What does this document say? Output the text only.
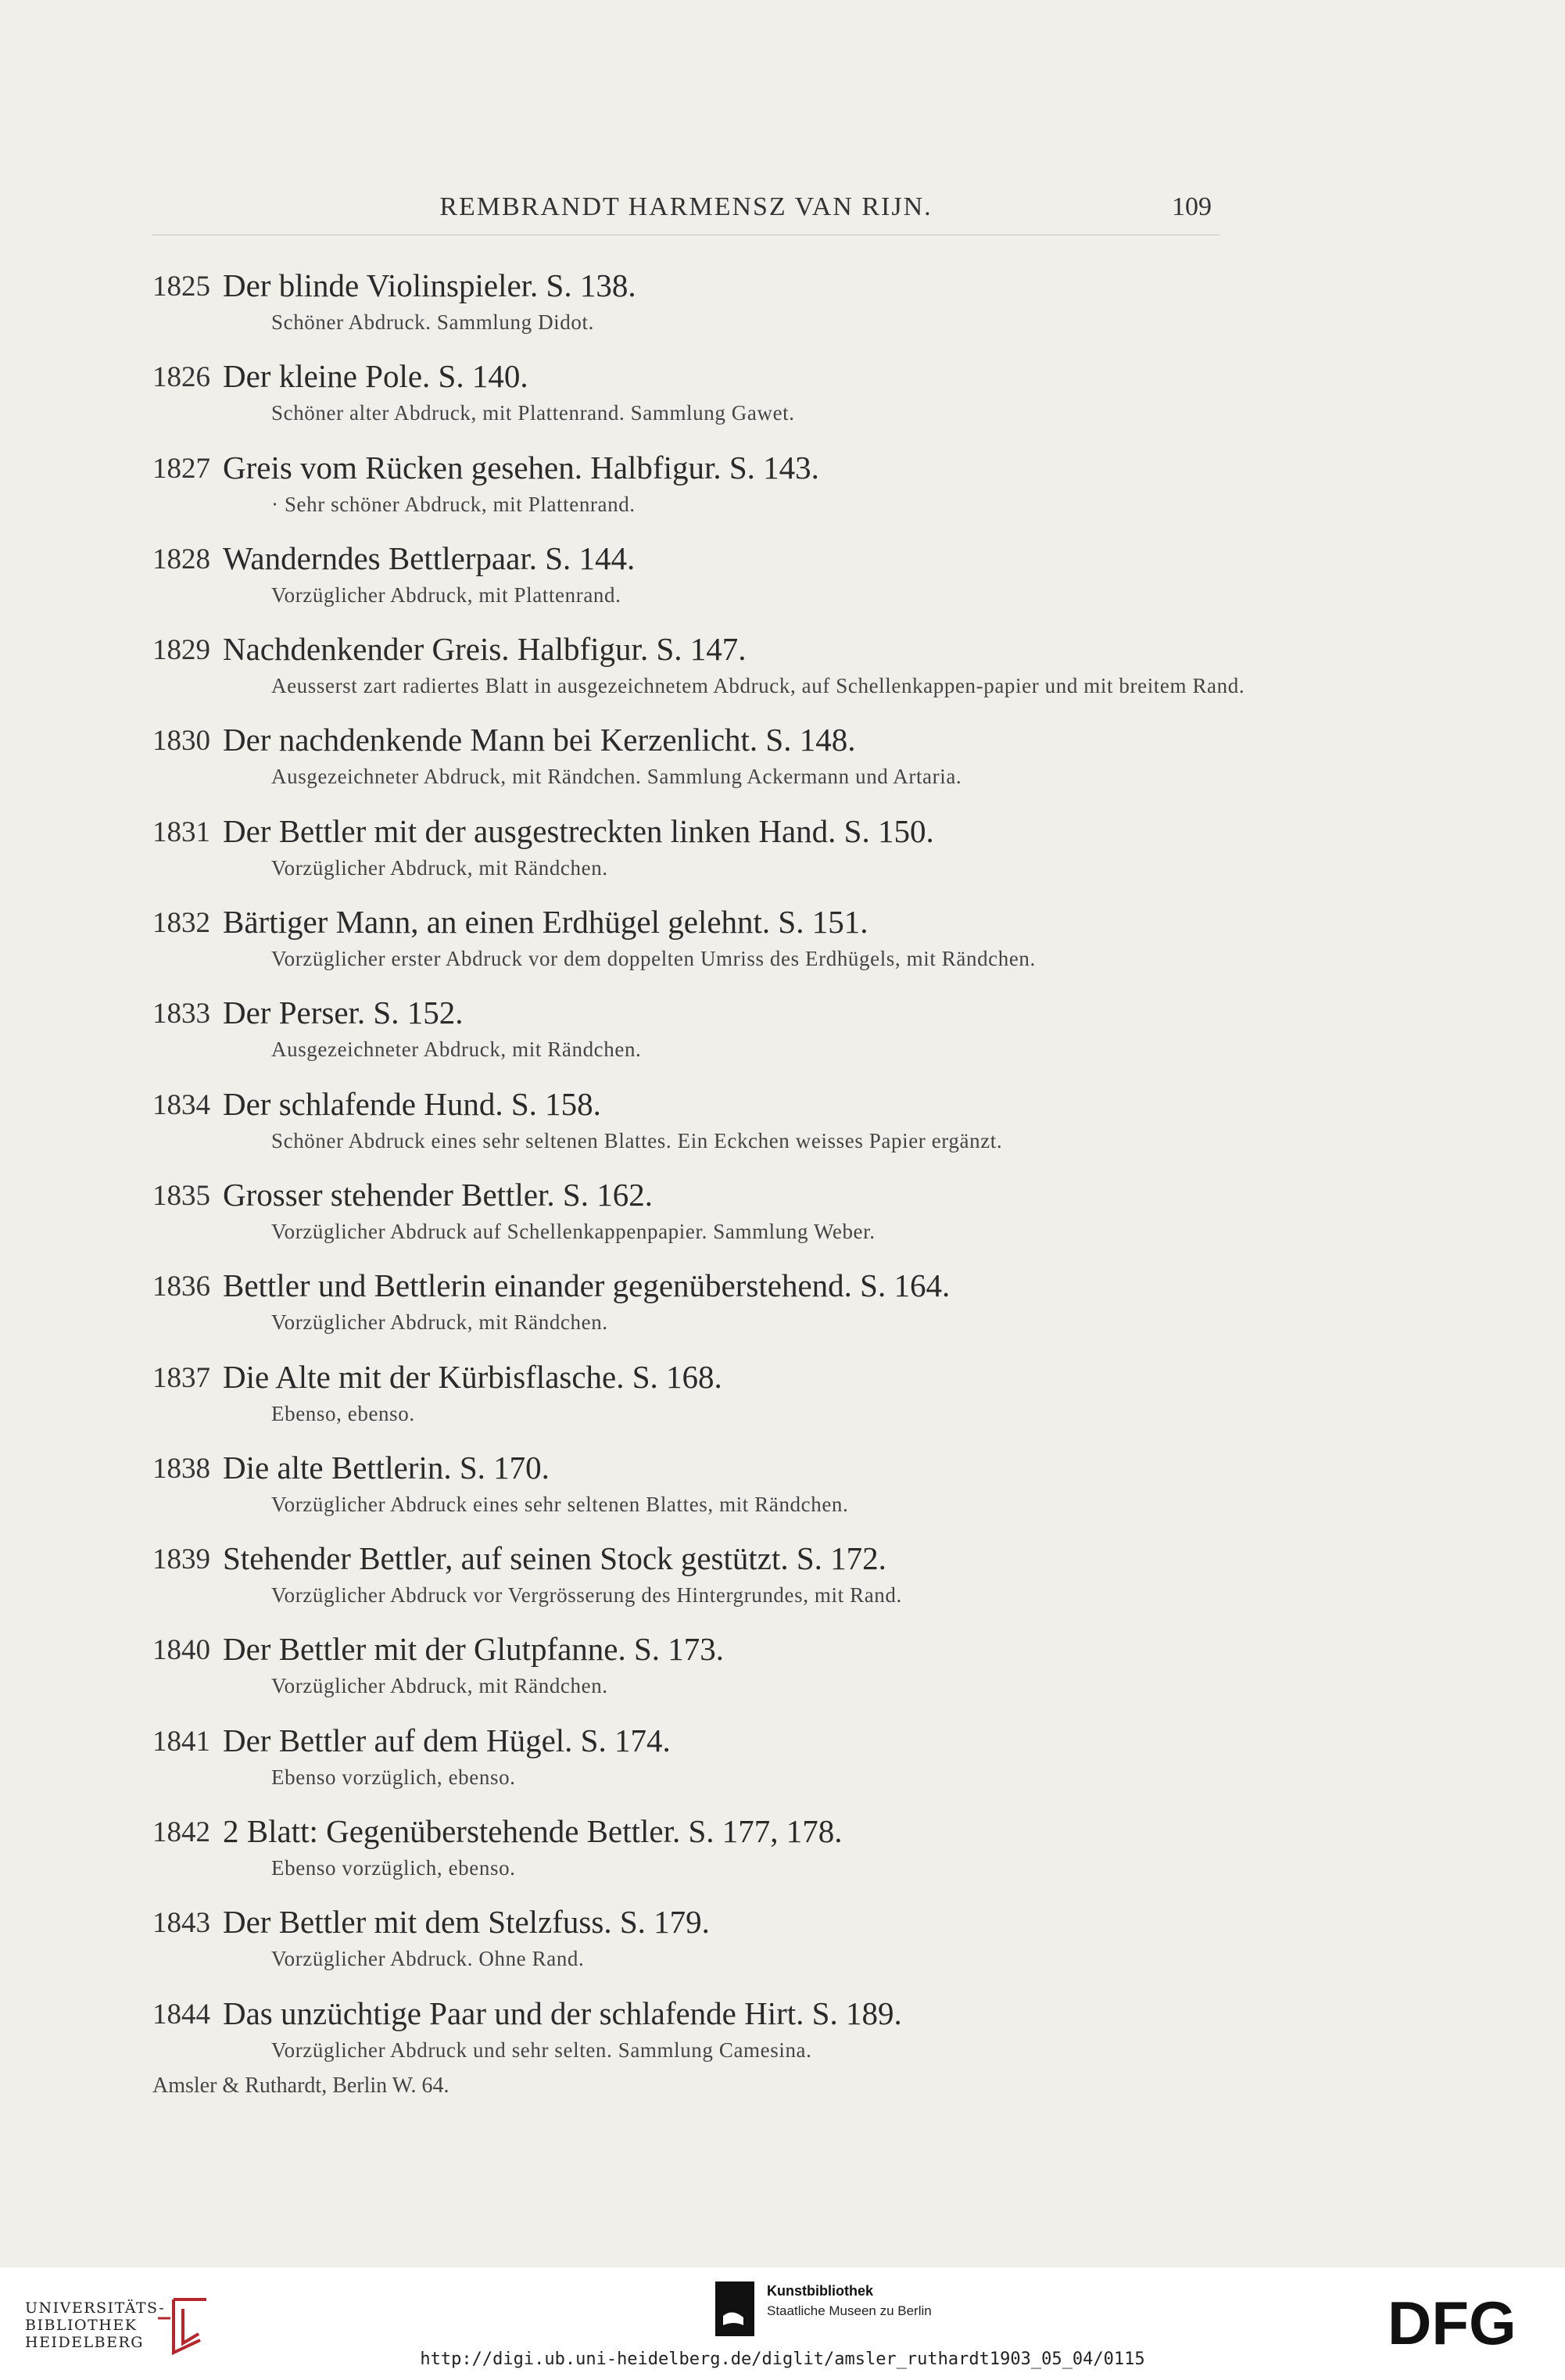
REMBRANDT HARMENSZ VAN RIJN.	109
1825 Der blinde Violinspieler. S. 138.
Schöner Abdruck. Sammlung Didot.
1826 Der kleine Pole. S. 140.
Schöner alter Abdruck, mit Plattenrand. Sammlung Gawet.
1827 Greis vom Rücken gesehen. Halbfigur. S. 143.
· Sehr schöner Abdruck, mit Plattenrand.
1828 Wanderndes Bettlerpaar. S. 144.
Vorzüglicher Abdruck, mit Plattenrand.
1829 Nachdenkender Greis. Halbfigur. S. 147.
Aeusserst zart radiertes Blatt in ausgezeichnetem Abdruck, auf Schellenkappen-papier und mit breitem Rand.
1830 Der nachdenkende Mann bei Kerzenlicht. S. 148.
Ausgezeichneter Abdruck, mit Rändchen. Sammlung Ackermann und Artaria.
1831 Der Bettler mit der ausgestreckten linken Hand. S. 150.
Vorzüglicher Abdruck, mit Rändchen.
1832 Bärtiger Mann, an einen Erdhügel gelehnt. S. 151.
Vorzüglicher erster Abdruck vor dem doppelten Umriss des Erdhügels, mit Rändchen.
1833 Der Perser. S. 152.
Ausgezeichneter Abdruck, mit Rändchen.
1834 Der schlafende Hund. S. 158.
Schöner Abdruck eines sehr seltenen Blattes. Ein Eckchen weisses Papier ergänzt.
1835 Grosser stehender Bettler. S. 162.
Vorzüglicher Abdruck auf Schellenkappenpapier. Sammlung Weber.
1836 Bettler und Bettlerin einander gegenüberstehend. S. 164.
Vorzüglicher Abdruck, mit Rändchen.
1837 Die Alte mit der Kürbisflasche. S. 168.
Ebenso, ebenso.
1838 Die alte Bettlerin. S. 170.
Vorzüglicher Abdruck eines sehr seltenen Blattes, mit Rändchen.
1839 Stehender Bettler, auf seinen Stock gestützt. S. 172.
Vorzüglicher Abdruck vor Vergrösserung des Hintergrundes, mit Rand.
1840 Der Bettler mit der Glutpfanne. S. 173.
Vorzüglicher Abdruck, mit Rändchen.
1841 Der Bettler auf dem Hügel. S. 174.
Ebenso vorzüglich, ebenso.
1842 2 Blatt: Gegenüberstehende Bettler. S. 177, 178.
Ebenso vorzüglich, ebenso.
1843 Der Bettler mit dem Stelzfuss. S. 179.
Vorzüglicher Abdruck. Ohne Rand.
1844 Das unzüchtige Paar und der schlafende Hirt. S. 189.
Vorzüglicher Abdruck und sehr selten. Sammlung Camesina.
Amsler & Ruthardt, Berlin W. 64.
UNIVERSITÄTS-
BIBLIOTHEK
HEIDELBERG
Kunstbibliothek
Staatliche Museen zu Berlin	DFG
http://digi.ub.uni-heidelberg.de/diglit/amsler_ruthardt1903_05_04/0115
